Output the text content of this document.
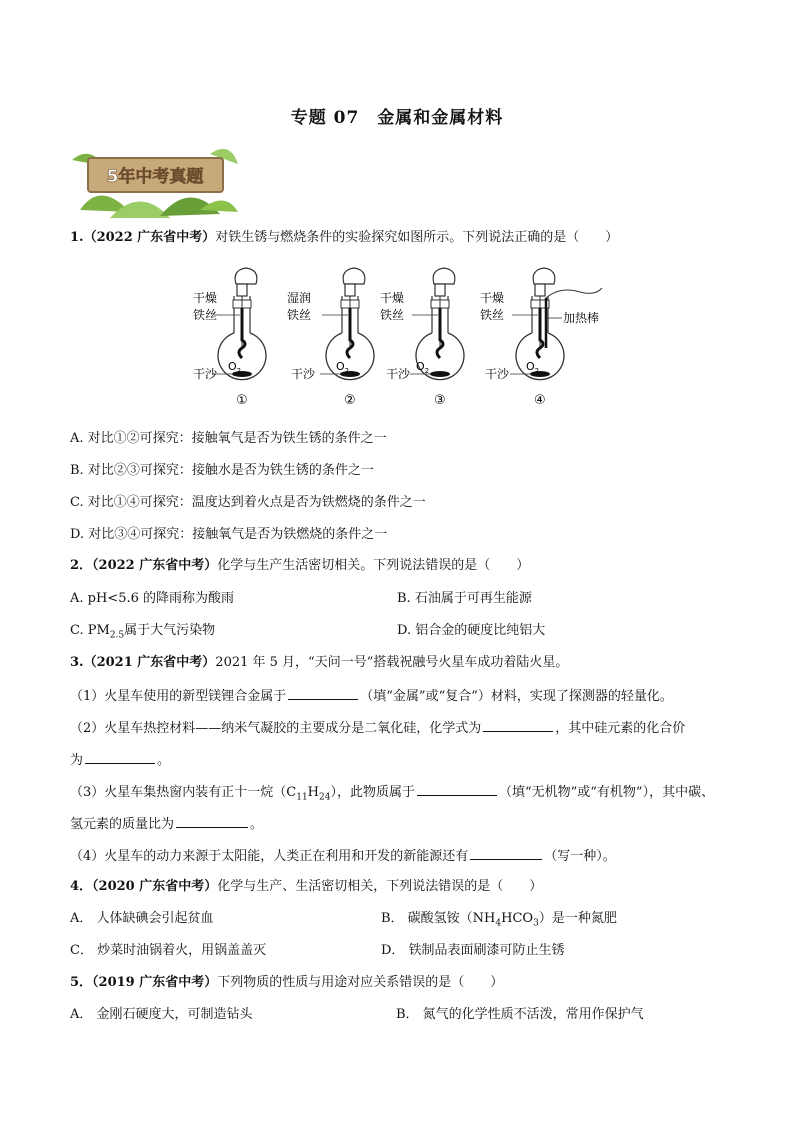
专题 07　金属和金属材料
5年中考真题
1.（2022 广东省中考）对铁生锈与燃烧条件的实验探究如图所示。下列说法正确的是（　　）
$O_2$
干燥
铁丝
干沙
①
$O_2$
湿润
铁丝
干沙
②
$O_2$
干燥
铁丝
干沙
③
$O_2$
干燥
铁丝	加热棒
干沙
④
A. 对比①②可探究：接触氧气是否为铁生锈的条件之一
B. 对比②③可探究：接触水是否为铁生锈的条件之一
C. 对比①④可探究：温度达到着火点是否为铁燃烧的条件之一
D. 对比③④可探究：接触氧气是否为铁燃烧的条件之一
2．（2022 广东省中考）化学与生产生活密切相关。下列说法错误的是（　　）
A. pH<5.6 的降雨称为酸雨	B. 石油属于可再生能源
C. $PM_{2.5}$属于大气污染物	D. 铝合金的硬度比纯铝大
3.（2021 广东省中考）2021 年 5 月，“天问一号”搭载祝融号火星车成功着陆火星。
（1）火星车使用的新型镁锂合金属于	（填“金属”或“复合”）材料，实现了探测器的轻量化。
（2）火星车热控材料——纳米气凝胶的主要成分是二氧化硅，化学式为	，其中硅元素的化合价
为	。
（3）火星车集热窗内装有正十一烷$(C_{11}H_{24})$，此物质属于	（填“无机物”或“有机物”），其中碳、
氢元素的质量比为	。
（4）火星车的动力来源于太阳能，人类正在利用和开发的新能源还有	（写一种）。
4．（2020 广东省中考）化学与生产、生活密切相关，下列说法错误的是（　　）
A． 人体缺碘会引起贫血	B． 碳酸氢铵$(NH_4HCO_3)$是一种氮肥
C． 炒菜时油锅着火，用锅盖盖灭	D． 铁制品表面刷漆可防止生锈
5．（2019 广东省中考）下列物质的性质与用途对应关系错误的是（　　）
A． 金刚石硬度大，可制造钻头	B． 氮气的化学性质不活泼，常用作保护气
